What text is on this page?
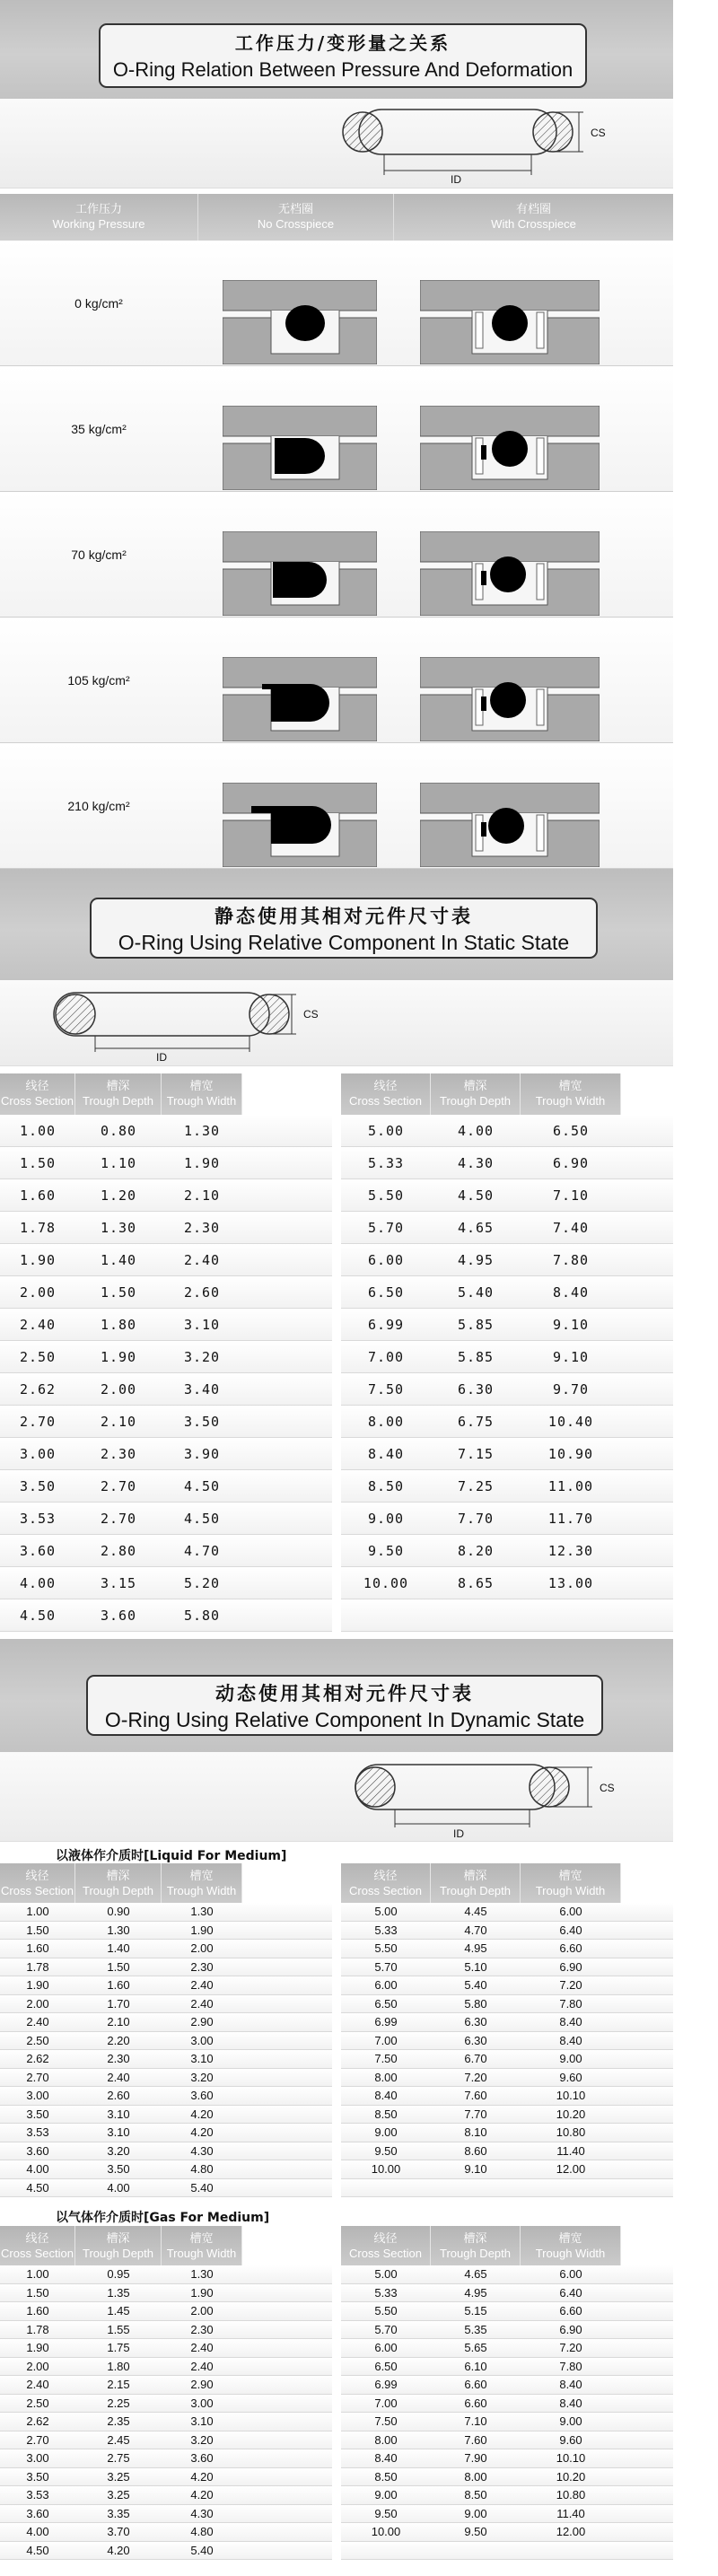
工作压力/变形量之关系
O-Ring Relation Between Pressure And Deformation
CS
ID
工作压力
Working Pressure
无档圈
No Crosspiece
有档圈
With Crosspiece
0 kg/cm²
35 kg/cm²
70 kg/cm²
105 kg/cm²
210 kg/cm²
静态使用其相对元件尺寸表
O-Ring Using Relative Component In Static State
CS
ID
线径
Cross Section
槽深
Trough Depth
槽宽
Trough Width
线径
Cross Section
槽深
Trough Depth
槽宽
Trough Width
1.00	0.80	1.30	5.00	4.00	6.50
1.50	1.10	1.90	5.33	4.30	6.90
1.60	1.20	2.10	5.50	4.50	7.10
1.78	1.30	2.30	5.70	4.65	7.40
1.90	1.40	2.40	6.00	4.95	7.80
2.00	1.50	2.60	6.50	5.40	8.40
2.40	1.80	3.10	6.99	5.85	9.10
2.50	1.90	3.20	7.00	5.85	9.10
2.62	2.00	3.40	7.50	6.30	9.70
2.70	2.10	3.50	8.00	6.75	10.40
3.00	2.30	3.90	8.40	7.15	10.90
3.50	2.70	4.50	8.50	7.25	11.00
3.53	2.70	4.50	9.00	7.70	11.70
3.60	2.80	4.70	9.50	8.20	12.30
4.00	3.15	5.20	10.00	8.65	13.00
4.50	3.60	5.80
动态使用其相对元件尺寸表
O-Ring Using Relative Component In Dynamic State
CS
ID
以液体作介质时[Liquid For Medium]
线径
Cross Section
槽深
Trough Depth
槽宽
Trough Width
线径
Cross Section
槽深
Trough Depth
槽宽
Trough Width
1.00	0.90	1.30	5.00	4.45	6.00
1.50	1.30	1.90	5.33	4.70	6.40
1.60	1.40	2.00	5.50	4.95	6.60
1.78	1.50	2.30	5.70	5.10	6.90
1.90	1.60	2.40	6.00	5.40	7.20
2.00	1.70	2.40	6.50	5.80	7.80
2.40	2.10	2.90	6.99	6.30	8.40
2.50	2.20	3.00	7.00	6.30	8.40
2.62	2.30	3.10	7.50	6.70	9.00
2.70	2.40	3.20	8.00	7.20	9.60
3.00	2.60	3.60	8.40	7.60	10.10
3.50	3.10	4.20	8.50	7.70	10.20
3.53	3.10	4.20	9.00	8.10	10.80
3.60	3.20	4.30	9.50	8.60	11.40
4.00	3.50	4.80	10.00	9.10	12.00
4.50	4.00	5.40
以气体作介质时[Gas For Medium]
线径
Cross Section
槽深
Trough Depth
槽宽
Trough Width
线径
Cross Section
槽深
Trough Depth
槽宽
Trough Width
1.00	0.95	1.30	5.00	4.65	6.00
1.50	1.35	1.90	5.33	4.95	6.40
1.60	1.45	2.00	5.50	5.15	6.60
1.78	1.55	2.30	5.70	5.35	6.90
1.90	1.75	2.40	6.00	5.65	7.20
2.00	1.80	2.40	6.50	6.10	7.80
2.40	2.15	2.90	6.99	6.60	8.40
2.50	2.25	3.00	7.00	6.60	8.40
2.62	2.35	3.10	7.50	7.10	9.00
2.70	2.45	3.20	8.00	7.60	9.60
3.00	2.75	3.60	8.40	7.90	10.10
3.50	3.25	4.20	8.50	8.00	10.20
3.53	3.25	4.20	9.00	8.50	10.80
3.60	3.35	4.30	9.50	9.00	11.40
4.00	3.70	4.80	10.00	9.50	12.00
4.50	4.20	5.40
